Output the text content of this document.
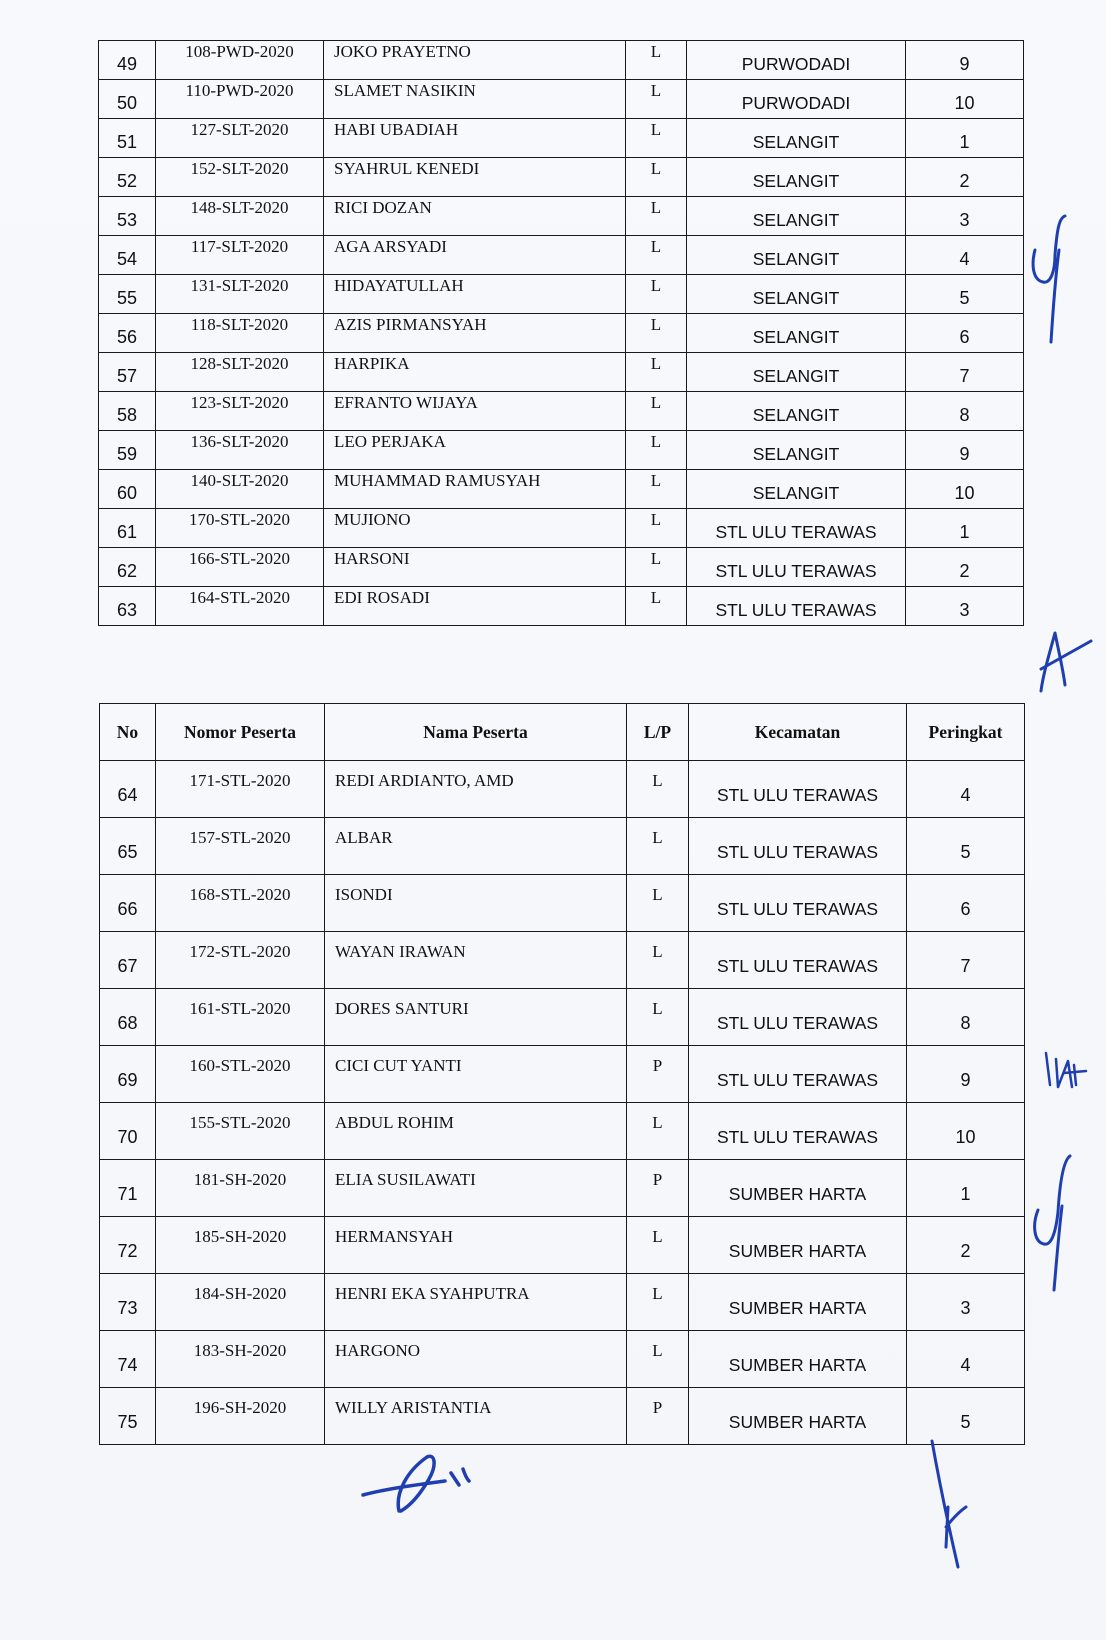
49	108-PWD-2020	JOKO PRAYETNO	L	PURWODADI	9
50	110-PWD-2020	SLAMET NASIKIN	L	PURWODADI	10
51	127-SLT-2020	HABI UBADIAH	L	SELANGIT	1
52	152-SLT-2020	SYAHRUL KENEDI	L	SELANGIT	2
53	148-SLT-2020	RICI DOZAN	L	SELANGIT	3
54	117-SLT-2020	AGA ARSYADI	L	SELANGIT	4
55	131-SLT-2020	HIDAYATULLAH	L	SELANGIT	5
56	118-SLT-2020	AZIS PIRMANSYAH	L	SELANGIT	6
57	128-SLT-2020	HARPIKA	L	SELANGIT	7
58	123-SLT-2020	EFRANTO WIJAYA	L	SELANGIT	8
59	136-SLT-2020	LEO PERJAKA	L	SELANGIT	9
60	140-SLT-2020	MUHAMMAD RAMUSYAH	L	SELANGIT	10
61	170-STL-2020	MUJIONO	L	STL ULU TERAWAS	1
62	166-STL-2020	HARSONI	L	STL ULU TERAWAS	2
63	164-STL-2020	EDI ROSADI	L	STL ULU TERAWAS	3
No	Nomor Peserta	Nama Peserta	L/P	Kecamatan	Peringkat
64	171-STL-2020	REDI ARDIANTO, AMD	L	STL ULU TERAWAS	4
65	157-STL-2020	ALBAR	L	STL ULU TERAWAS	5
66	168-STL-2020	ISONDI	L	STL ULU TERAWAS	6
67	172-STL-2020	WAYAN IRAWAN	L	STL ULU TERAWAS	7
68	161-STL-2020	DORES SANTURI	L	STL ULU TERAWAS	8
69	160-STL-2020	CICI CUT YANTI	P	STL ULU TERAWAS	9
70	155-STL-2020	ABDUL ROHIM	L	STL ULU TERAWAS	10
71	181-SH-2020	ELIA SUSILAWATI	P	SUMBER HARTA	1
72	185-SH-2020	HERMANSYAH	L	SUMBER HARTA	2
73	184-SH-2020	HENRI EKA SYAHPUTRA	L	SUMBER HARTA	3
74	183-SH-2020	HARGONO	L	SUMBER HARTA	4
75	196-SH-2020	WILLY ARISTANTIA	P	SUMBER HARTA	5
